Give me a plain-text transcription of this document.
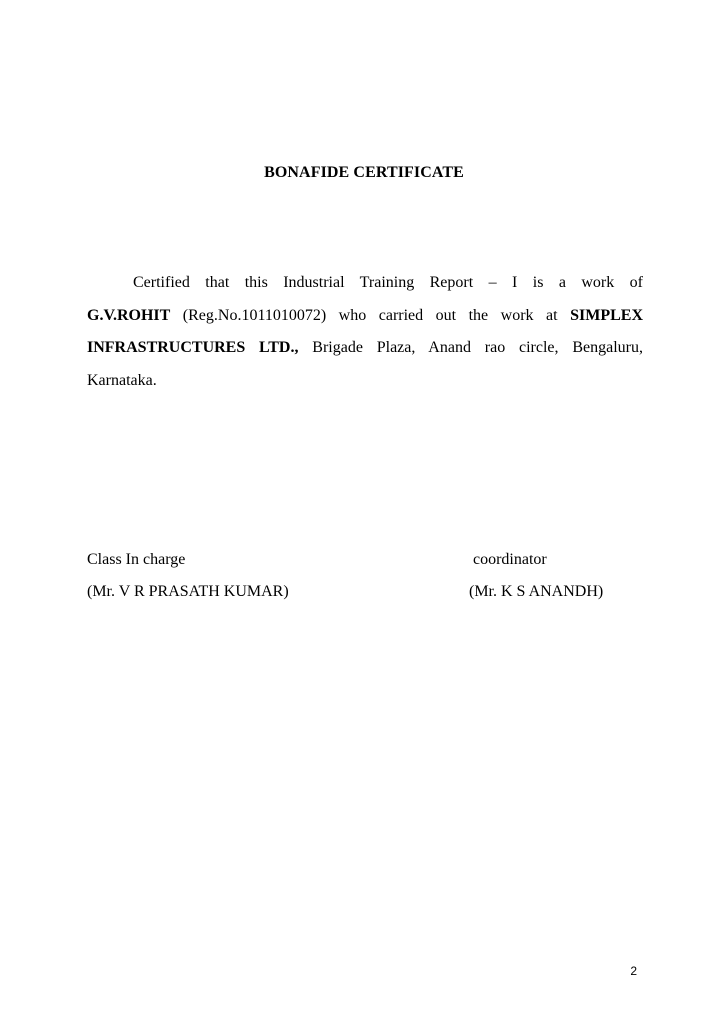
BONAFIDE CERTIFICATE
Certified that this Industrial Training Report – I is a work of
G.V.ROHIT (Reg.No.1011010072) who carried out the work at SIMPLEX
INFRASTRUCTURES LTD., Brigade Plaza, Anand rao circle, Bengaluru,
Karnataka.
Class In charge
(Mr. V R PRASATH KUMAR)
coordinator
(Mr. K S ANANDH)
2
